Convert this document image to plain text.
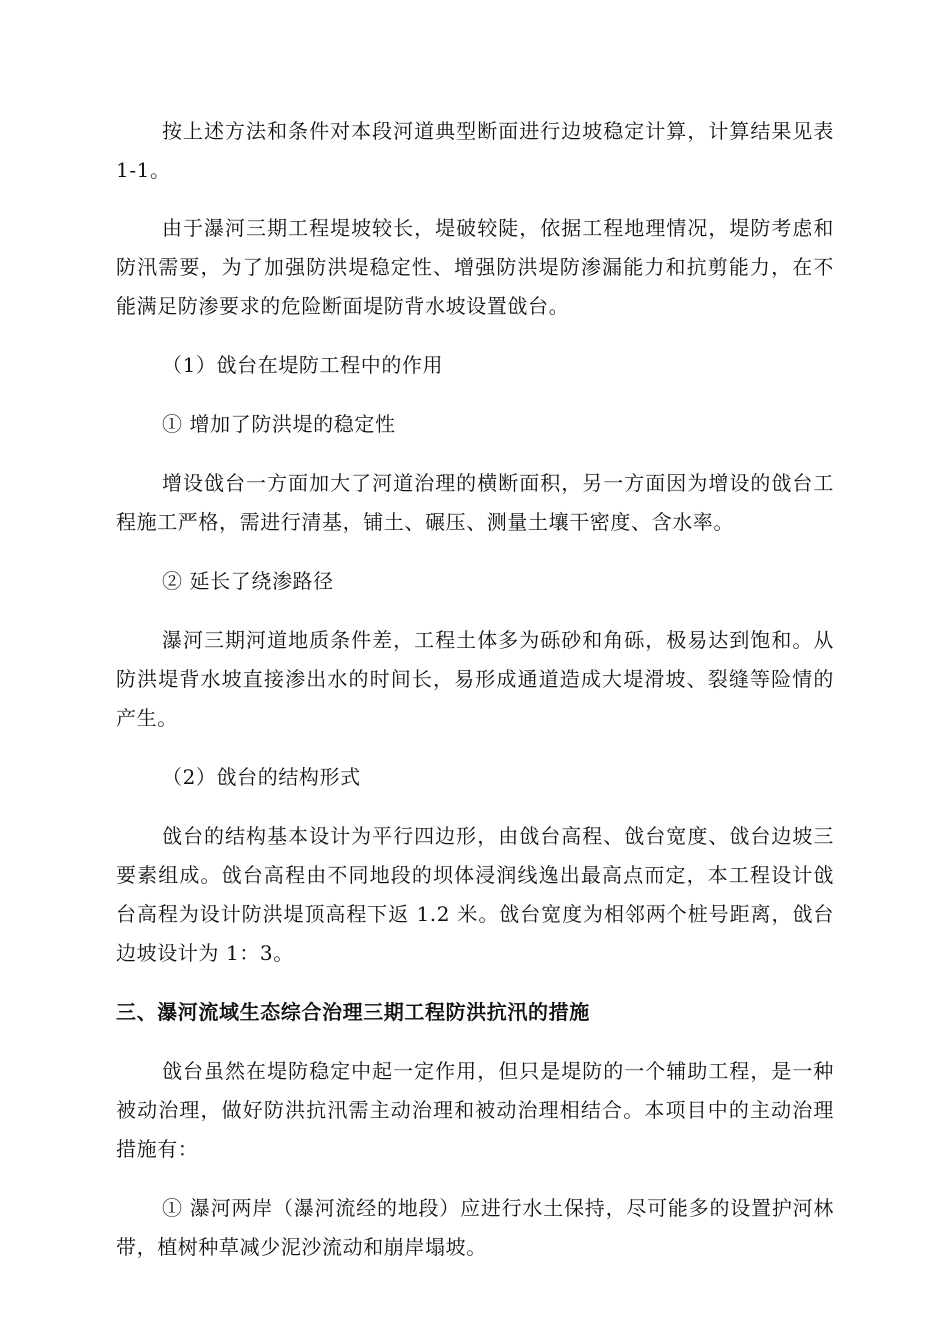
按上述方法和条件对本段河道典型断面进行边坡稳定计算，计算结果见表 1-1。

由于瀑河三期工程堤坡较长，堤破较陡，依据工程地理情况，堤防考虑和防汛需要，为了加强防洪堤稳定性、增强防洪堤防渗漏能力和抗剪能力，在不能满足防渗要求的危险断面堤防背水坡设置戗台。

（1）戗台在堤防工程中的作用

① 增加了防洪堤的稳定性

增设戗台一方面加大了河道治理的横断面积，另一方面因为增设的戗台工程施工严格，需进行清基，铺土、碾压、测量土壤干密度、含水率。

② 延长了绕渗路径

瀑河三期河道地质条件差，工程土体多为砾砂和角砾，极易达到饱和。从防洪堤背水坡直接渗出水的时间长，易形成通道造成大堤滑坡、裂缝等险情的产生。

（2）戗台的结构形式

戗台的结构基本设计为平行四边形，由戗台高程、戗台宽度、戗台边坡三要素组成。戗台高程由不同地段的坝体浸润线逸出最高点而定，本工程设计戗台高程为设计防洪堤顶高程下返 1.2 米。戗台宽度为相邻两个桩号距离，戗台边坡设计为 1：3。

三、瀑河流域生态综合治理三期工程防洪抗汛的措施

戗台虽然在堤防稳定中起一定作用，但只是堤防的一个辅助工程，是一种被动治理，做好防洪抗汛需主动治理和被动治理相结合。本项目中的主动治理措施有：

① 瀑河两岸（瀑河流经的地段）应进行水土保持，尽可能多的设置护河林带，植树种草减少泥沙流动和崩岸塌坡。
